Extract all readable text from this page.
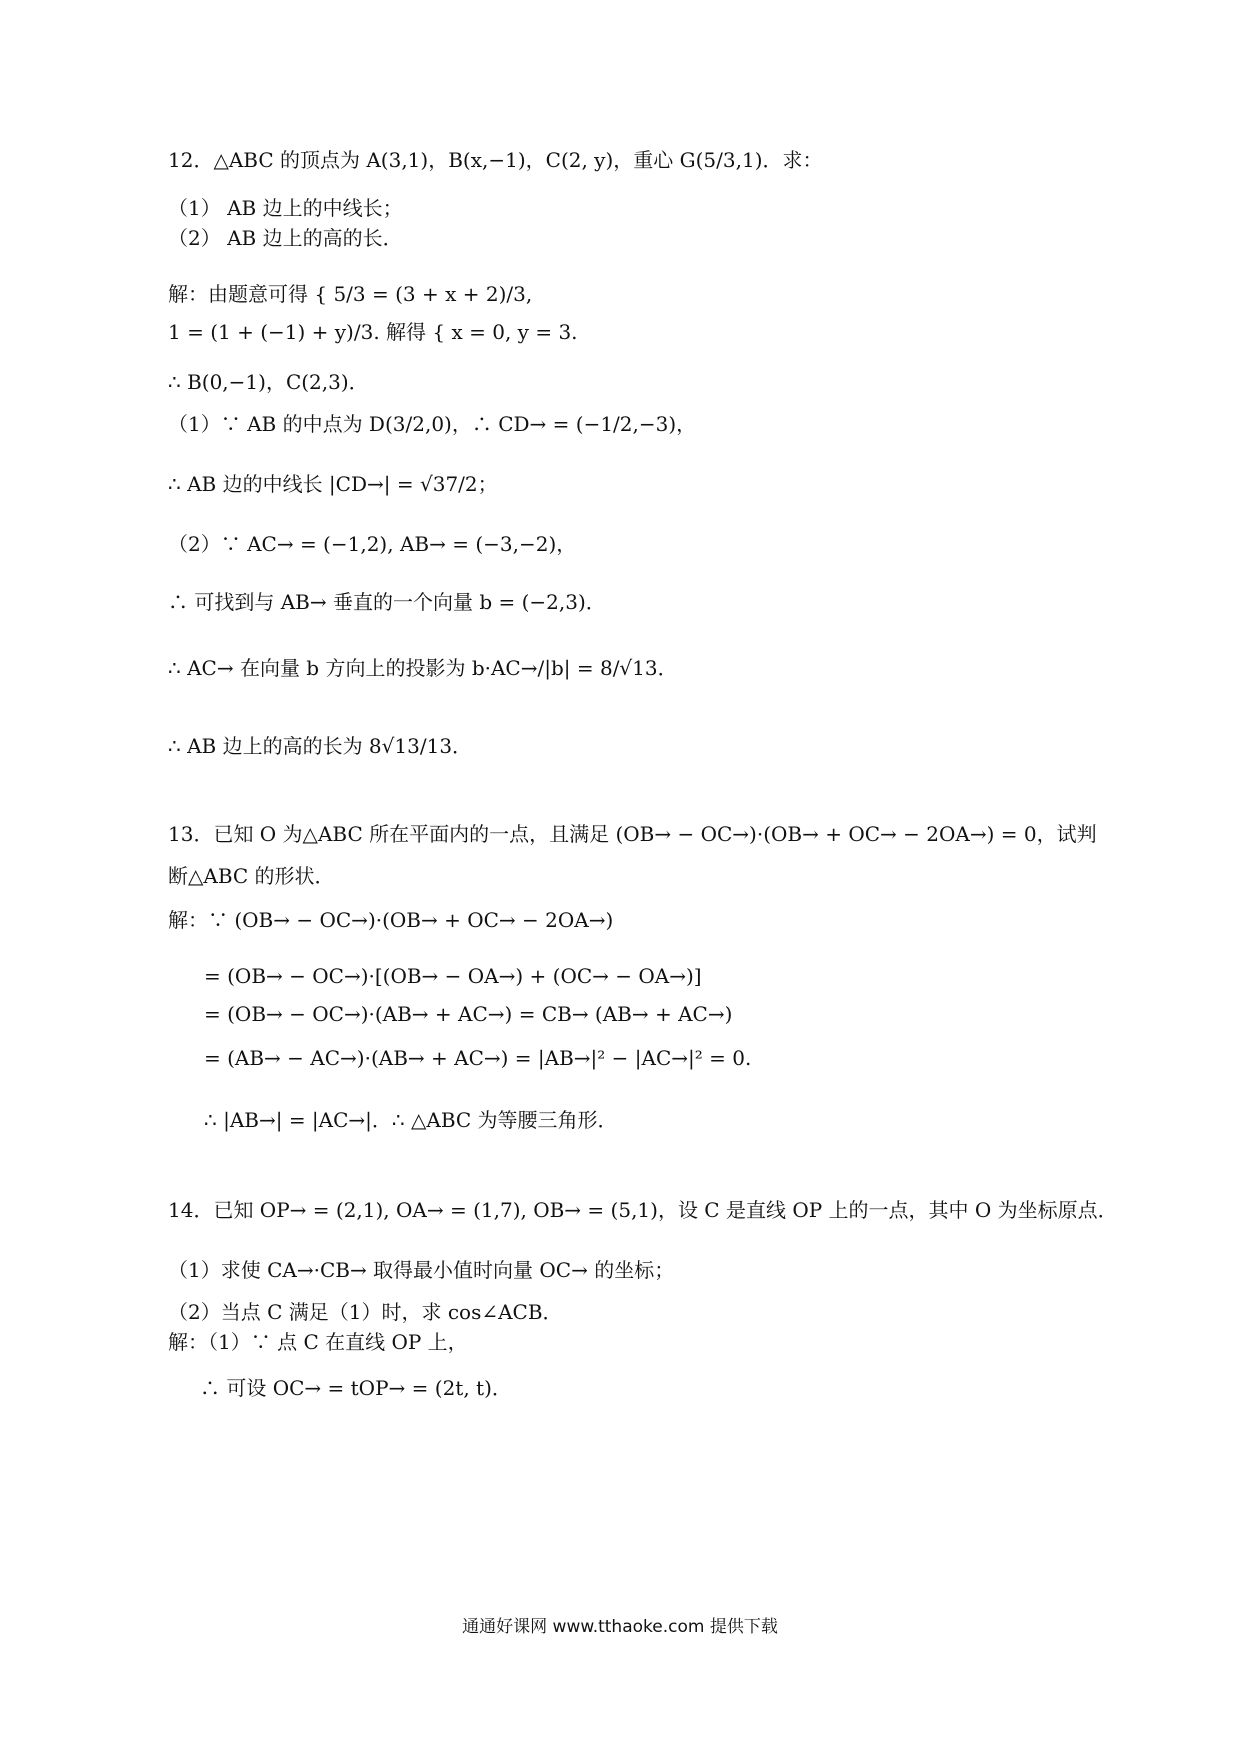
12．△ABC 的顶点为 A(3,1)，B(x,−1)，C(2, y)，重心 G(5/3,1)．求：
（1） AB 边上的中线长；
（2） AB 边上的高的长．
解：由题意可得 { 5/3 = (3 + x + 2)/3,
1 = (1 + (−1) + y)/3. 解得 { x = 0, y = 3.
∴ B(0,−1)，C(2,3)．
（1）∵ AB 的中点为 D(3/2,0)，∴ CD→ = (−1/2,−3)，
∴ AB 边的中线长 |CD→| = √37/2；
（2）∵ AC→ = (−1,2), AB→ = (−3,−2)，
∴ 可找到与 AB→ 垂直的一个向量 b = (−2,3)．
∴ AC→ 在向量 b 方向上的投影为 b·AC→/|b| = 8/√13．
∴ AB 边上的高的长为 8√13/13．
13．已知 O 为△ABC 所在平面内的一点，且满足 (OB→ − OC→)·(OB→ + OC→ − 2OA→) = 0，试判
断△ABC 的形状．
解：∵ (OB→ − OC→)·(OB→ + OC→ − 2OA→)
= (OB→ − OC→)·[(OB→ − OA→) + (OC→ − OA→)]
= (OB→ − OC→)·(AB→ + AC→) = CB→ (AB→ + AC→)
= (AB→ − AC→)·(AB→ + AC→) = |AB→|² − |AC→|² = 0.
∴ |AB→| = |AC→|．∴ △ABC 为等腰三角形．
14．已知 OP→ = (2,1), OA→ = (1,7), OB→ = (5,1)，设 C 是直线 OP 上的一点，其中 O 为坐标原点．
（1）求使 CA→·CB→ 取得最小值时向量 OC→ 的坐标；
（2）当点 C 满足（1）时，求 cos∠ACB．
解：（1）∵ 点 C 在直线 OP 上，
∴ 可设 OC→ = tOP→ = (2t, t)．
通通好课网 www.tthaoke.com 提供下载
